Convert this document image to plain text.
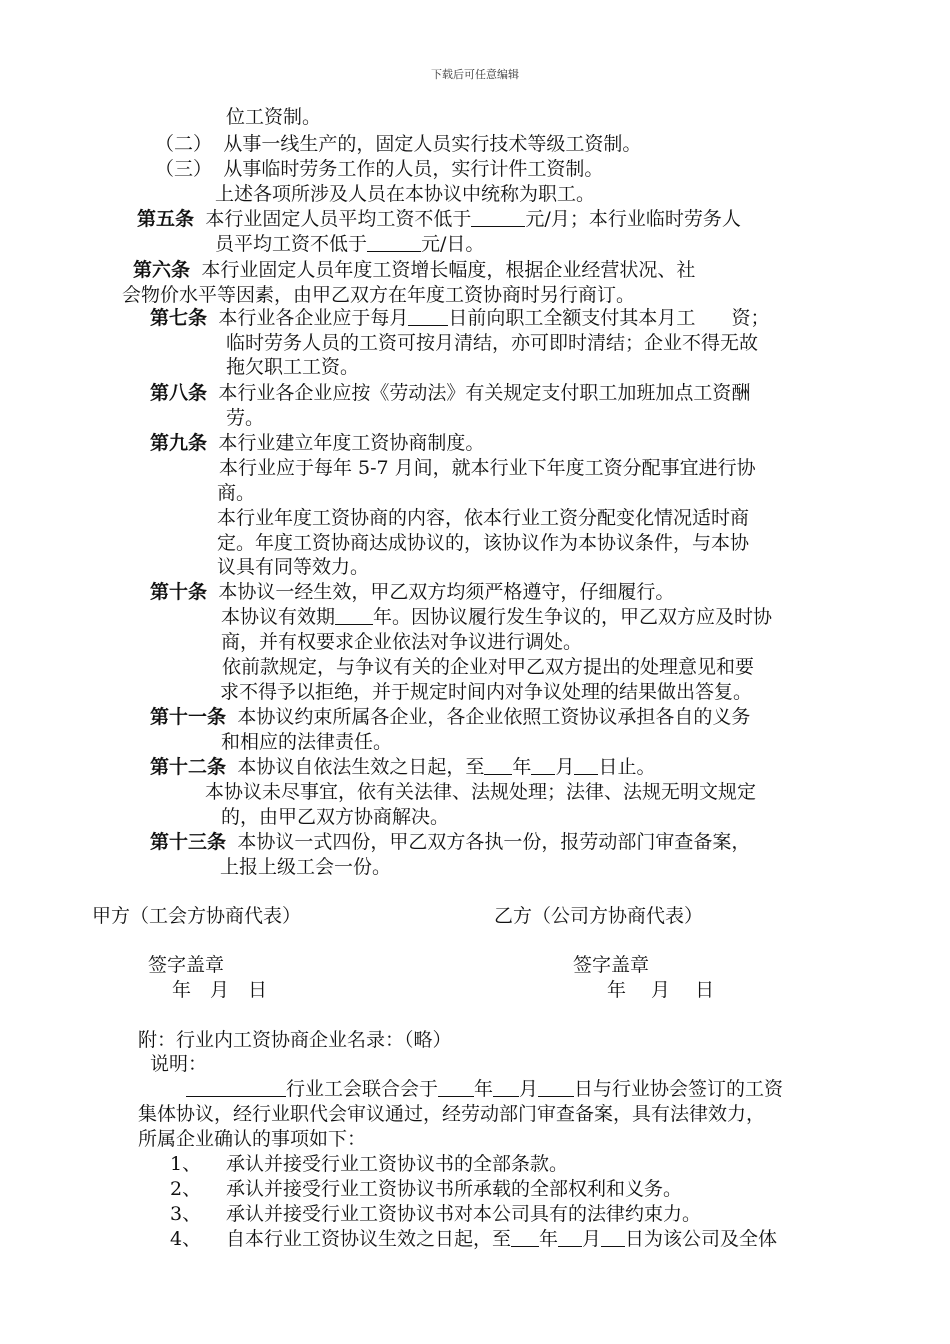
下载后可任意编辑
位工资制。
（二） 从事一线生产的，固定人员实行技术等级工资制。
（三） 从事临时劳务工作的人员，实行计件工资制。
上述各项所涉及人员在本协议中统称为职工。
第五条 本行业固定人员平均工资不低于	元/月；本行业临时劳务人
员平均工资不低于	元/日。
第六条 本行业固定人员年度工资增长幅度，根据企业经营状况、社
会物价水平等因素，由甲乙双方在年度工资协商时另行商订。
第七条 本行业各企业应于每月 日前向职工全额支付其本月工 资；
临时劳务人员的工资可按月清结，亦可即时清结；企业不得无故
拖欠职工工资。
第八条 本行业各企业应按《劳动法》有关规定支付职工加班加点工资酬
劳。
第九条 本行业建立年度工资协商制度。
本行业应于每年 5-7 月间，就本行业下年度工资分配事宜进行协
商。
本行业年度工资协商的内容，依本行业工资分配变化情况适时商
定。年度工资协商达成协议的，该协议作为本协议条件，与本协
议具有同等效力。
第十条 本协议一经生效，甲乙双方均须严格遵守，仔细履行。
本协议有效期 年。因协议履行发生争议的，甲乙双方应及时协
商，并有权要求企业依法对争议进行调处。
依前款规定，与争议有关的企业对甲乙双方提出的处理意见和要
求不得予以拒绝，并于规定时间内对争议处理的结果做出答复。
第十一条 本协议约束所属各企业，各企业依照工资协议承担各自的义务
和相应的法律责任。
第十二条 本协议自依法生效之日起，至 年 月 日止。
本协议未尽事宜，依有关法律、法规处理；法律、法规无明文规定
的，由甲乙双方协商解决。
第十三条 本协议一式四份，甲乙双方各执一份，报劳动部门审查备案，
上报上级工会一份。
甲方（工会方协商代表）	乙方（公司方协商代表）
签字盖章	签字盖章
年　月　日	年　 月　 日
附：行业内工资协商企业名录：（略）
说明：
行业工会联合会于 年 月 日与行业协会签订的工资
集体协议，经行业职代会审议通过，经劳动部门审查备案，具有法律效力，
所属企业确认的事项如下：
1、 承认并接受行业工资协议书的全部条款。
2、 承认并接受行业工资协议书所承载的全部权利和义务。
3、 承认并接受行业工资协议书对本公司具有的法律约束力。
4、 自本行业工资协议生效之日起，至 年 月 日为该公司及全体
